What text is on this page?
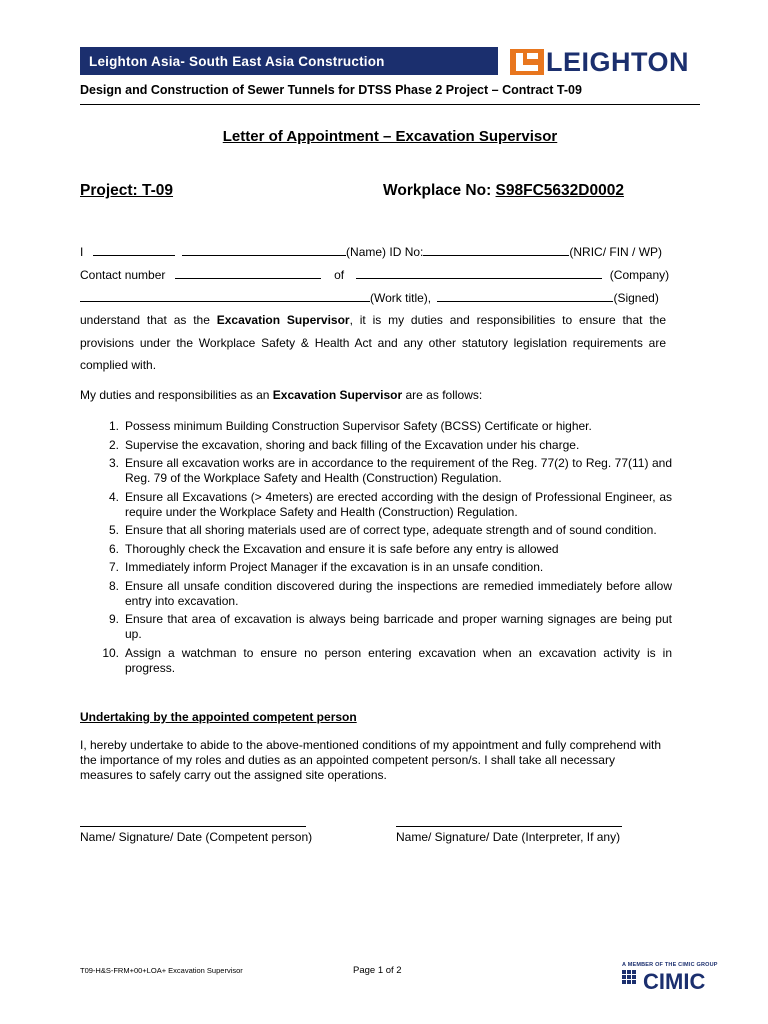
Leighton Asia- South East Asia Construction	LEIGHTON
Design and Construction of Sewer Tunnels for DTSS Phase 2 Project – Contract T-09
Letter of Appointment – Excavation Supervisor
Project: T-09	Workplace No: S98FC5632D0002
I	(Name) ID No:	(NRIC/ FIN / WP)
Contact number	of	(Company)
(Work title),	(Signed)
understand that as the Excavation Supervisor, it is my duties and responsibilities to ensure that the provisions under the Workplace Safety & Health Act and any other statutory legislation requirements are complied with.
My duties and responsibilities as an Excavation Supervisor are as follows:
1. Possess minimum Building Construction Supervisor Safety (BCSS) Certificate or higher.
2. Supervise the excavation, shoring and back filling of the Excavation under his charge.
3. Ensure all excavation works are in accordance to the requirement of the Reg. 77(2) to Reg. 77(11) and Reg. 79 of the Workplace Safety and Health (Construction) Regulation.
4. Ensure all Excavations (> 4meters) are erected according with the design of Professional Engineer, as require under the Workplace Safety and Health (Construction) Regulation.
5. Ensure that all shoring materials used are of correct type, adequate strength and of sound condition.
6. Thoroughly check the Excavation and ensure it is safe before any entry is allowed
7. Immediately inform Project Manager if the excavation is in an unsafe condition.
8. Ensure all unsafe condition discovered during the inspections are remedied immediately before allow entry into excavation.
9. Ensure that area of excavation is always being barricade and proper warning signages are being put up.
10. Assign a watchman to ensure no person entering excavation when an excavation activity is in progress.
Undertaking by the appointed competent person
I, hereby undertake to abide to the above-mentioned conditions of my appointment and fully comprehend with the importance of my roles and duties as an appointed competent person/s. I shall take all necessary measures to safely carry out the assigned site operations.
Name/ Signature/ Date (Competent person)	Name/ Signature/ Date (Interpreter, If any)
T09-H&S-FRM+00+LOA+ Excavation Supervisor	Page 1 of 2	A MEMBER OF THE CIMIC GROUP
CIMIC
